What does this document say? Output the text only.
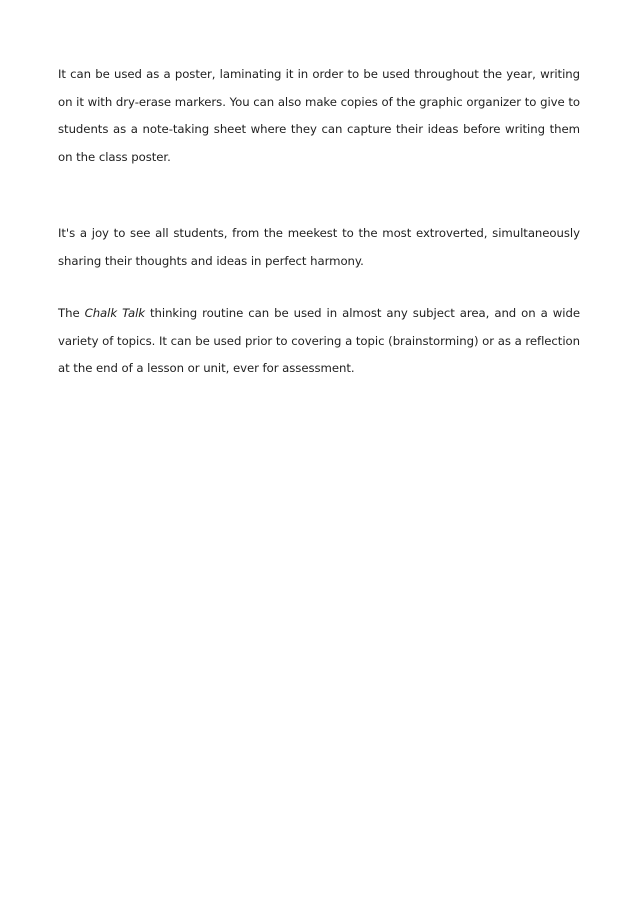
It can be used as a poster, laminating it in order to be used throughout the year, writing on it with dry-erase markers. You can also make copies of the graphic organizer to give to students as a note-taking sheet where they can capture their ideas before writing them on the class poster.

It's a joy to see all students, from the meekest to the most extroverted, simultaneously sharing their thoughts and ideas in perfect harmony.

The Chalk Talk thinking routine can be used in almost any subject area, and on a wide variety of topics. It can be used prior to covering a topic (brainstorming) or as a reflection at the end of a lesson or unit, ever for assessment.
